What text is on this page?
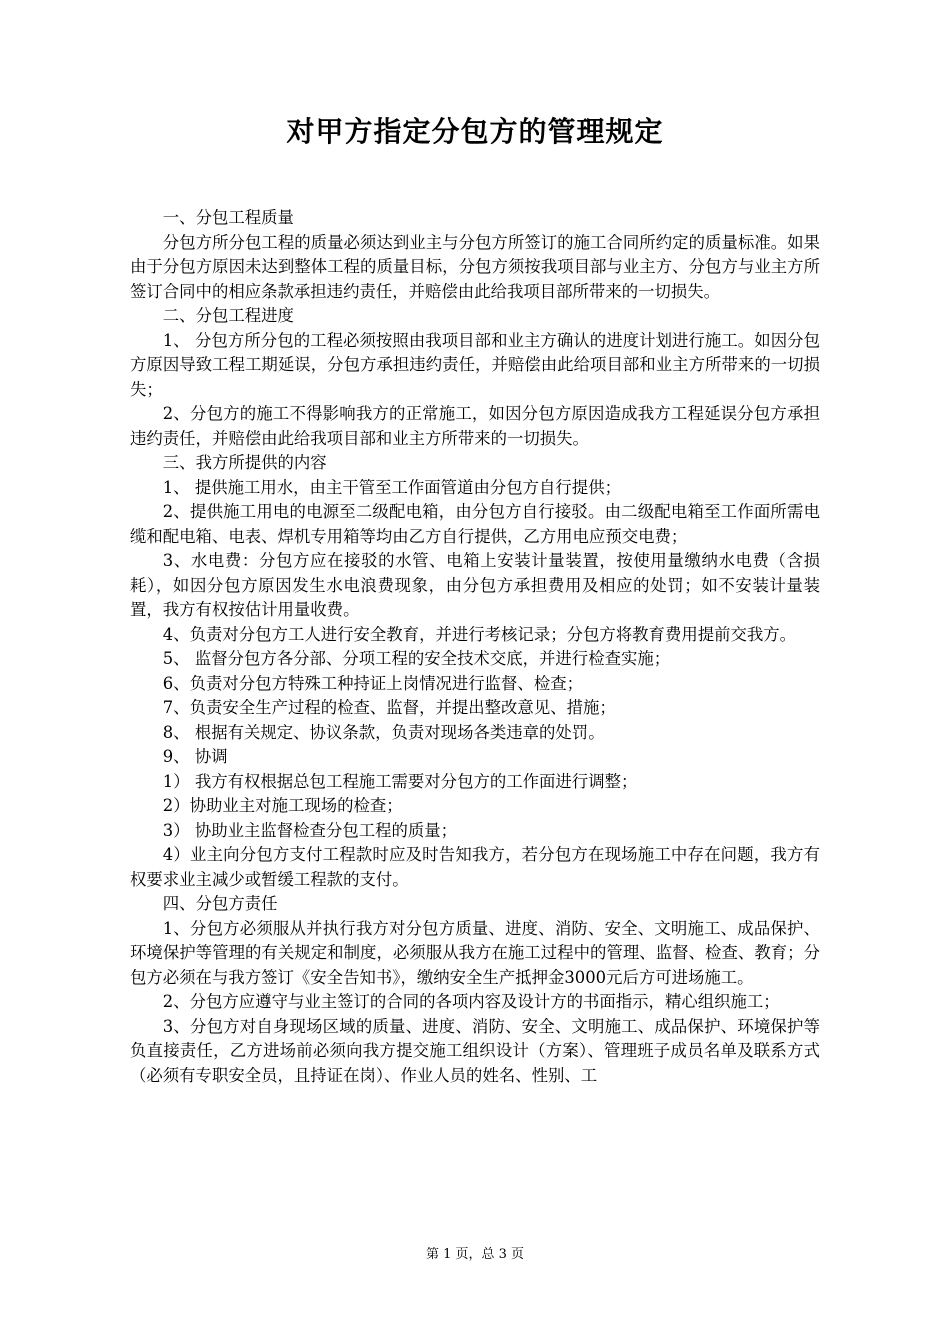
对甲方指定分包方的管理规定

一、分包工程质量

分包方所分包工程的质量必须达到业主与分包方所签订的施工合同所约定的质量标准。如果由于分包方原因未达到整体工程的质量目标，分包方须按我项目部与业主方、分包方与业主方所签订合同中的相应条款承担违约责任，并赔偿由此给我项目部所带来的一切损失。

二、分包工程进度

1、 分包方所分包的工程必须按照由我项目部和业主方确认的进度计划进行施工。如因分包方原因导致工程工期延误，分包方承担违约责任，并赔偿由此给项目部和业主方所带来的一切损失；

2、分包方的施工不得影响我方的正常施工，如因分包方原因造成我方工程延误分包方承担违约责任，并赔偿由此给我项目部和业主方所带来的一切损失。

三、我方所提供的内容

1、 提供施工用水，由主干管至工作面管道由分包方自行提供；

2、提供施工用电的电源至二级配电箱，由分包方自行接驳。由二级配电箱至工作面所需电缆和配电箱、电表、焊机专用箱等均由乙方自行提供，乙方用电应预交电费；

3、水电费：分包方应在接驳的水管、电箱上安装计量装置，按使用量缴纳水电费（含损耗），如因分包方原因发生水电浪费现象，由分包方承担费用及相应的处罚；如不安装计量装置，我方有权按估计用量收费。

4、负责对分包方工人进行安全教育，并进行考核记录；分包方将教育费用提前交我方。

5、 监督分包方各分部、分项工程的安全技术交底，并进行检查实施；

6、负责对分包方特殊工种持证上岗情况进行监督、检查；

7、负责安全生产过程的检查、监督，并提出整改意见、措施；

8、 根据有关规定、协议条款，负责对现场各类违章的处罚。

9、 协调

1） 我方有权根据总包工程施工需要对分包方的工作面进行调整；

2）协助业主对施工现场的检查；

3） 协助业主监督检查分包工程的质量；

4）业主向分包方支付工程款时应及时告知我方，若分包方在现场施工中存在问题，我方有权要求业主减少或暂缓工程款的支付。

四、分包方责任

1、分包方必须服从并执行我方对分包方质量、进度、消防、安全、文明施工、成品保护、环境保护等管理的有关规定和制度，必须服从我方在施工过程中的管理、监督、检查、教育；分包方必须在与我方签订《安全告知书》，缴纳安全生产抵押金3000元后方可进场施工。

2、分包方应遵守与业主签订的合同的各项内容及设计方的书面指示，精心组织施工；

3、分包方对自身现场区域的质量、进度、消防、安全、文明施工、成品保护、环境保护等负直接责任，乙方进场前必须向我方提交施工组织设计（方案）、管理班子成员名单及联系方式（必须有专职安全员，且持证在岗）、作业人员的姓名、性别、工

第 1 页，总 3 页
